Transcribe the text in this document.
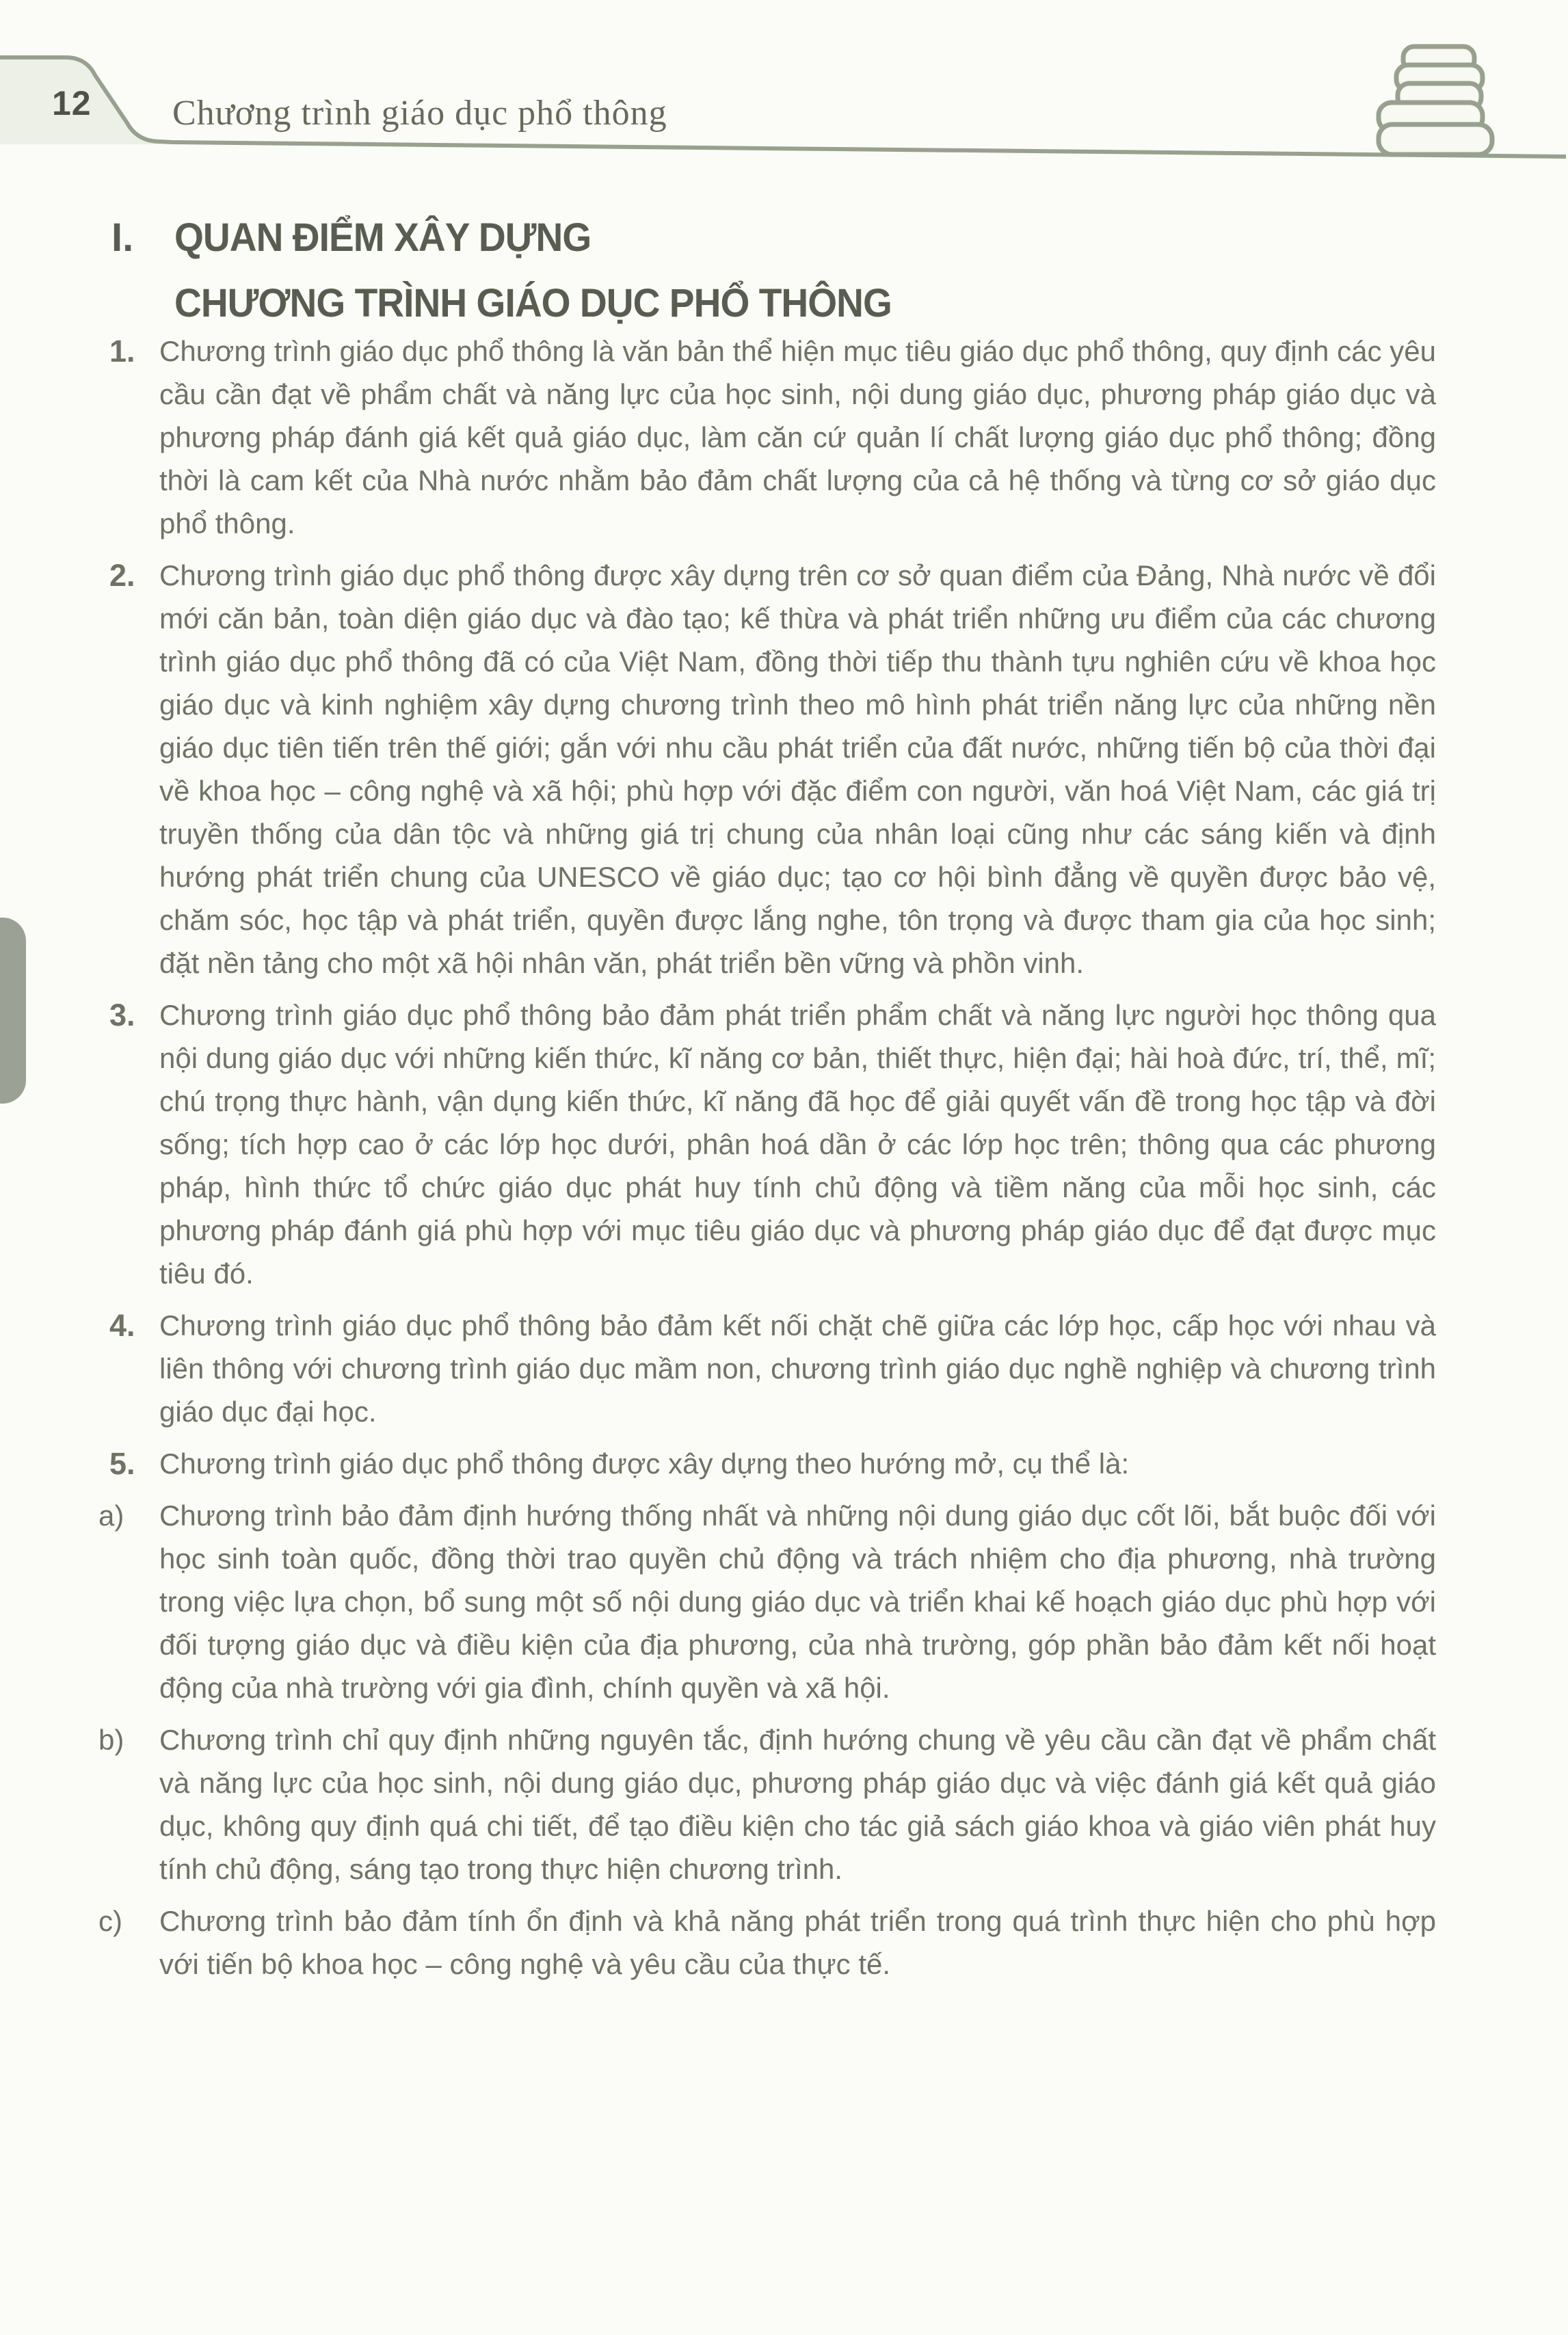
12	Chương trình giáo dục phổ thông
I.	QUAN ĐIỂM XÂY DỰNG
CHƯƠNG TRÌNH GIÁO DỤC PHỔ THÔNG
1. Chương trình giáo dục phổ thông là văn bản thể hiện mục tiêu giáo dục phổ thông, quy định các yêu cầu cần đạt về phẩm chất và năng lực của học sinh, nội dung giáo dục, phương pháp giáo dục và phương pháp đánh giá kết quả giáo dục, làm căn cứ quản lí chất lượng giáo dục phổ thông; đồng thời là cam kết của Nhà nước nhằm bảo đảm chất lượng của cả hệ thống và từng cơ sở giáo dục phổ thông.
2. Chương trình giáo dục phổ thông được xây dựng trên cơ sở quan điểm của Đảng, Nhà nước về đổi mới căn bản, toàn diện giáo dục và đào tạo; kế thừa và phát triển những ưu điểm của các chương trình giáo dục phổ thông đã có của Việt Nam, đồng thời tiếp thu thành tựu nghiên cứu về khoa học giáo dục và kinh nghiệm xây dựng chương trình theo mô hình phát triển năng lực của những nền giáo dục tiên tiến trên thế giới; gắn với nhu cầu phát triển của đất nước, những tiến bộ của thời đại về khoa học – công nghệ và xã hội; phù hợp với đặc điểm con người, văn hoá Việt Nam, các giá trị truyền thống của dân tộc và những giá trị chung của nhân loại cũng như các sáng kiến và định hướng phát triển chung của UNESCO về giáo dục; tạo cơ hội bình đẳng về quyền được bảo vệ, chăm sóc, học tập và phát triển, quyền được lắng nghe, tôn trọng và được tham gia của học sinh; đặt nền tảng cho một xã hội nhân văn, phát triển bền vững và phồn vinh.
3. Chương trình giáo dục phổ thông bảo đảm phát triển phẩm chất và năng lực người học thông qua nội dung giáo dục với những kiến thức, kĩ năng cơ bản, thiết thực, hiện đại; hài hoà đức, trí, thể, mĩ; chú trọng thực hành, vận dụng kiến thức, kĩ năng đã học để giải quyết vấn đề trong học tập và đời sống; tích hợp cao ở các lớp học dưới, phân hoá dần ở các lớp học trên; thông qua các phương pháp, hình thức tổ chức giáo dục phát huy tính chủ động và tiềm năng của mỗi học sinh, các phương pháp đánh giá phù hợp với mục tiêu giáo dục và phương pháp giáo dục để đạt được mục tiêu đó.
4. Chương trình giáo dục phổ thông bảo đảm kết nối chặt chẽ giữa các lớp học, cấp học với nhau và liên thông với chương trình giáo dục mầm non, chương trình giáo dục nghề nghiệp và chương trình giáo dục đại học.
5. Chương trình giáo dục phổ thông được xây dựng theo hướng mở, cụ thể là:
a)	Chương trình bảo đảm định hướng thống nhất và những nội dung giáo dục cốt lõi, bắt buộc đối với học sinh toàn quốc, đồng thời trao quyền chủ động và trách nhiệm cho địa phương, nhà trường trong việc lựa chọn, bổ sung một số nội dung giáo dục và triển khai kế hoạch giáo dục phù hợp với đối tượng giáo dục và điều kiện của địa phương, của nhà trường, góp phần bảo đảm kết nối hoạt động của nhà trường với gia đình, chính quyền và xã hội.
b)	Chương trình chỉ quy định những nguyên tắc, định hướng chung về yêu cầu cần đạt về phẩm chất và năng lực của học sinh, nội dung giáo dục, phương pháp giáo dục và việc đánh giá kết quả giáo dục, không quy định quá chi tiết, để tạo điều kiện cho tác giả sách giáo khoa và giáo viên phát huy tính chủ động, sáng tạo trong thực hiện chương trình.
c)	Chương trình bảo đảm tính ổn định và khả năng phát triển trong quá trình thực hiện cho phù hợp với tiến bộ khoa học – công nghệ và yêu cầu của thực tế.
